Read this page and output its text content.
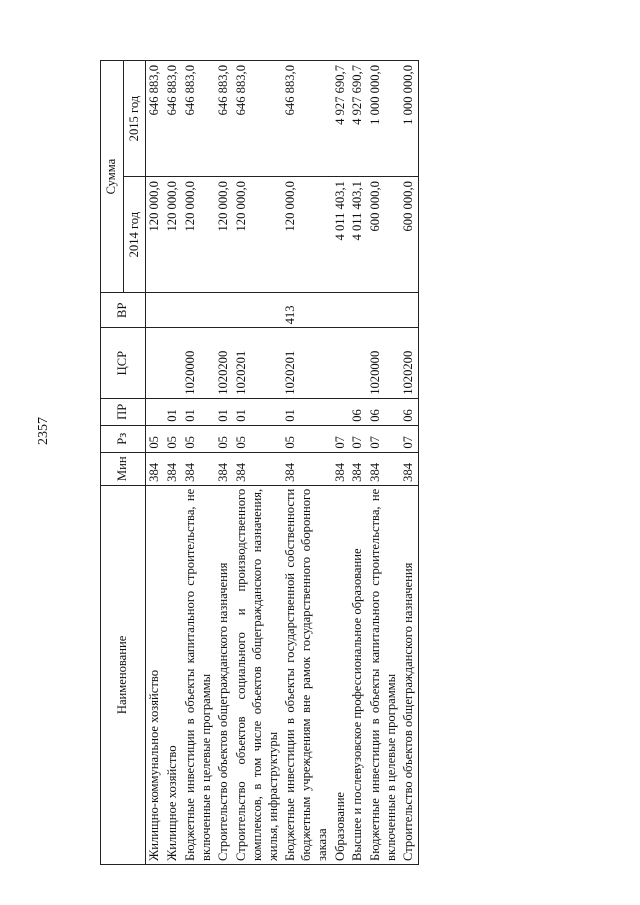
2357
Наименование	Мин	Рз	ПР	ЦСР	ВР	Сумма	
						2014 год	2015 год
Жилищно-коммунальное хозяйство	384	05				120 000,0	646 883,0
Жилищное хозяйство	384	05	01			120 000,0	646 883,0
Бюджетные инвестиции в объекты капитального строительства, не включенные в целевые программы	384	05	01	1020000		120 000,0	646 883,0
Строительство объектов общегражданского назначения	384	05	01	1020200		120 000,0	646 883,0
Строительство объектов социального и производственного комплексов, в том числе объектов общегражданского назначения, жилья, инфраструктуры	384	05	01	1020201		120 000,0	646 883,0
Бюджетные инвестиции в объекты государственной собственности бюджетным учреждениям вне рамок государственного оборонного заказа	384	05	01	1020201	413	120 000,0	646 883,0
Образование	384	07				4 011 403,1	4 927 690,7
Высшее и послевузовское профессиональное образование	384	07	06			4 011 403,1	4 927 690,7
Бюджетные инвестиции в объекты капитального строительства, не включенные в целевые программы	384	07	06	1020000		600 000,0	1 000 000,0
Строительство объектов общегражданского назначения	384	07	06	1020200		600 000,0	1 000 000,0
